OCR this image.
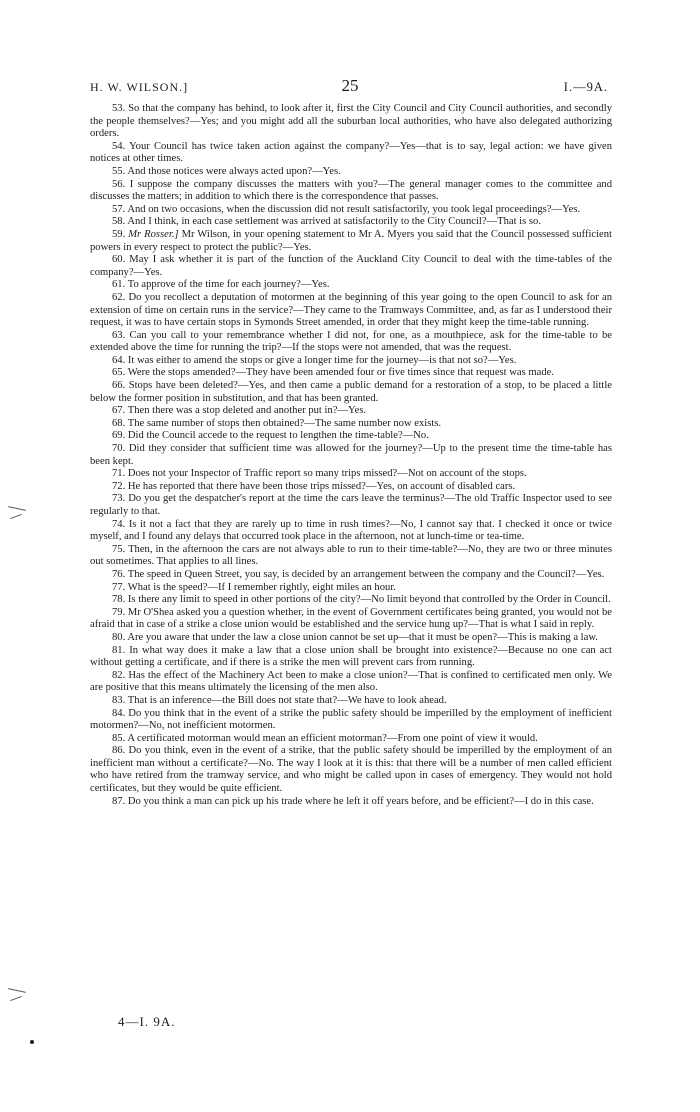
H. W. WILSON.]	25	I.—9A.

53. So that the company has behind, to look after it, first the City Council and City Council authorities, and secondly the people themselves?—Yes; and you might add all the suburban local authorities, who have also delegated authorizing orders.

54. Your Council has twice taken action against the company?—Yes—that is to say, legal action: we have given notices at other times.

55. And those notices were always acted upon?—Yes.

56. I suppose the company discusses the matters with you?—The general manager comes to the committee and discusses the matters; in addition to which there is the correspondence that passes.

57. And on two occasions, when the discussion did not result satisfactorily, you took legal proceedings?—Yes.

58. And I think, in each case settlement was arrived at satisfactorily to the City Council?—That is so.

59. Mr Rosser.] Mr Wilson, in your opening statement to Mr A. Myers you said that the Council possessed sufficient powers in every respect to protect the public?—Yes.

60. May I ask whether it is part of the function of the Auckland City Council to deal with the time-tables of the company?—Yes.

61. To approve of the time for each journey?—Yes.

62. Do you recollect a deputation of motormen at the beginning of this year going to the open Council to ask for an extension of time on certain runs in the service?—They came to the Tramways Committee, and, as far as I understood their request, it was to have certain stops in Symonds Street amended, in order that they might keep the time-table running.

63. Can you call to your remembrance whether I did not, for one, as a mouthpiece, ask for the time-table to be extended above the time for running the trip?—If the stops were not amended, that was the request.

64. It was either to amend the stops or give a longer time for the journey—is that not so?—Yes.

65. Were the stops amended?—They have been amended four or five times since that request was made.

66. Stops have been deleted?—Yes, and then came a public demand for a restoration of a stop, to be placed a little below the former position in substitution, and that has been granted.

67. Then there was a stop deleted and another put in?—Yes.

68. The same number of stops then obtained?—The same number now exists.

69. Did the Council accede to the request to lengthen the time-table?—No.

70. Did they consider that sufficient time was allowed for the journey?—Up to the present time the time-table has been kept.

71. Does not your Inspector of Traffic report so many trips missed?—Not on account of the stops.

72. He has reported that there have been those trips missed?—Yes, on account of disabled cars.

73. Do you get the despatcher's report at the time the cars leave the terminus?—The old Traffic Inspector used to see regularly to that.

74. Is it not a fact that they are rarely up to time in rush times?—No, I cannot say that. I checked it once or twice myself, and I found any delays that occurred took place in the afternoon, not at lunch-time or tea-time.

75. Then, in the afternoon the cars are not always able to run to their time-table?—No, they are two or three minutes out sometimes. That applies to all lines.

76. The speed in Queen Street, you say, is decided by an arrangement between the company and the Council?—Yes.

77. What is the speed?—If I remember rightly, eight miles an hour.

78. Is there any limit to speed in other portions of the city?—No limit beyond that controlled by the Order in Council.

79. Mr O'Shea asked you a question whether, in the event of Government certificates being granted, you would not be afraid that in case of a strike a close union would be established and the service hung up?—That is what I said in reply.

80. Are you aware that under the law a close union cannot be set up—that it must be open?—This is making a law.

81. In what way does it make a law that a close union shall be brought into existence?—Because no one can act without getting a certificate, and if there is a strike the men will prevent cars from running.

82. Has the effect of the Machinery Act been to make a close union?—That is confined to certificated men only. We are positive that this means ultimately the licensing of the men also.

83. That is an inference—the Bill does not state that?—We have to look ahead.

84. Do you think that in the event of a strike the public safety should be imperilled by the employment of inefficient motormen?—No, not inefficient motormen.

85. A certificated motorman would mean an efficient motorman?—From one point of view it would.

86. Do you think, even in the event of a strike, that the public safety should be imperilled by the employment of an inefficient man without a certificate?—No. The way I look at it is this: that there will be a number of men called efficient who have retired from the tramway service, and who might be called upon in cases of emergency. They would not hold certificates, but they would be quite efficient.

87. Do you think a man can pick up his trade where he left it off years before, and be efficient?—I do in this case.

4—I. 9A.
